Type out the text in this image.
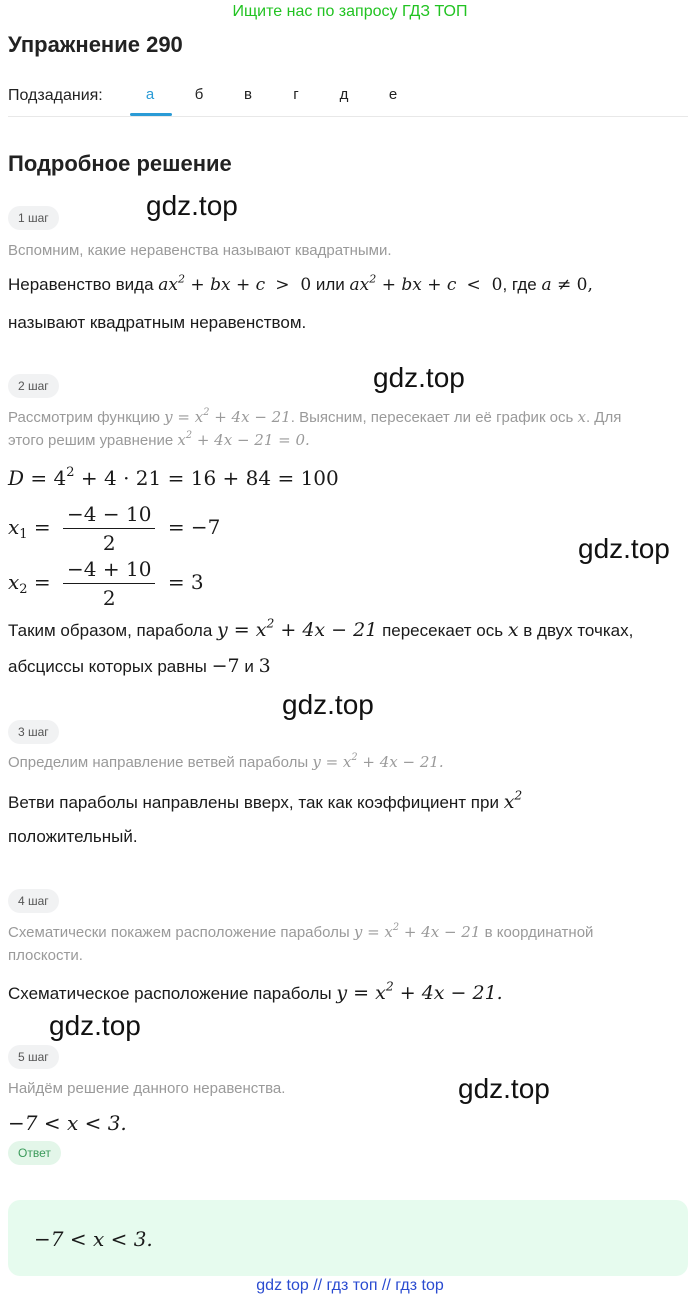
Ищите нас по запросу ГДЗ ТОП
Упражнение 290
Подзадания:	а	б	в	г	д	е
Подробное решение
gdz.top
gdz.top
gdz.top
gdz.top
gdz.top
gdz.top
1 шаг
Вспомним, какие неравенства называют квадратными.
Неравенство вида $ax^2$ + bx + c  >  0 или $ax^2$ + bx + c  <  0, где a ≠ 0,
называют квадратным неравенством.
2 шаг
Рассмотрим функцию $y = x^2 + 4x - 21$. Выясним, пересекает ли её график ось x. Для
этого решим уравнение $x^2 + 4x - 21 = 0$.
$D = 4^2 + 4 \cdot 21 = 16 + 84 = 100$
$x_1 = \frac{-4 - 10}{2} = -7$
$x_2 = \frac{-4 + 10}{2} = 3$
Таким образом, парабола $y = x^2 + 4x - 21$ пересекает ось x в двух точках,
абсциссы которых равны −7 и 3
3 шаг
Определим направление ветвей параболы $y = x^2 + 4x - 21$.
Ветви параболы направлены вверх, так как коэффициент при $x^2$
положительный.
4 шаг
Схематически покажем расположение параболы $y = x^2 + 4x - 21$ в координатной
плоскости.
Схематическое расположение параболы $y = x^2 + 4x - 21$.
5 шаг
Найдём решение данного неравенства.
−7 < x < 3.
Ответ
−7 < x < 3.
gdz top // гдз топ // гдз top
